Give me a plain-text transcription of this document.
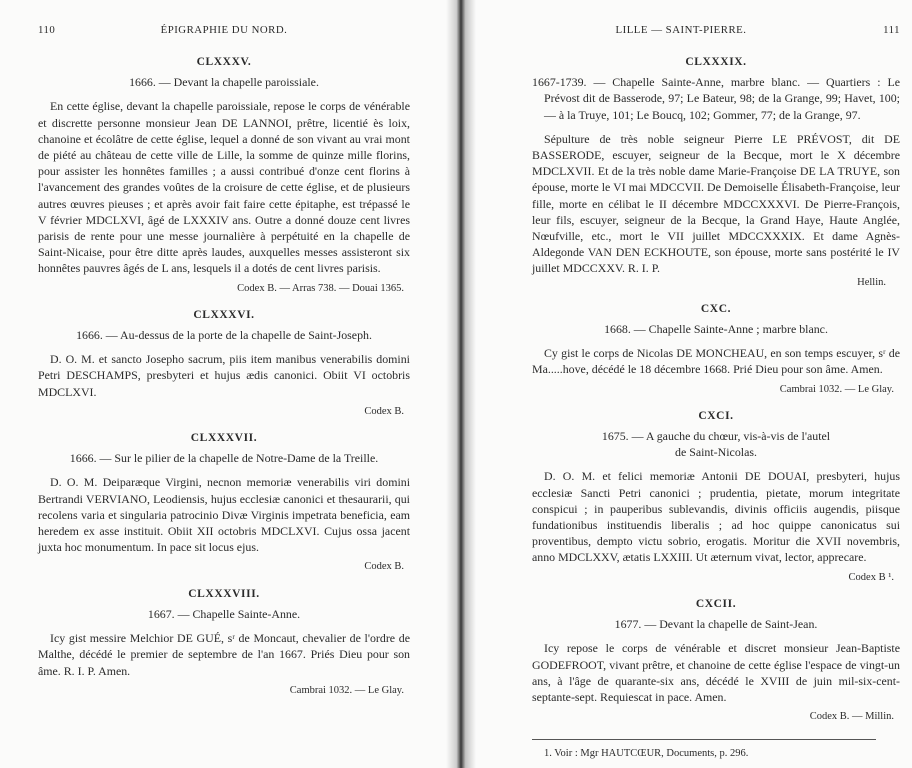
110	ÉPIGRAPHIE DU NORD.
CLXXXV.
1666. — Devant la chapelle paroissiale.
En cette église, devant la chapelle paroissiale, repose le corps de vénérable et discrette personne monsieur Jean DE LANNOI, prêtre, licentié ès loix, chanoine et écolâtre de cette église, lequel a donné de son vivant au vrai mont de piété au château de cette ville de Lille, la somme de quinze mille florins, pour assister les honnêtes familles ; a aussi contribué d'onze cent florins à l'avancement des grandes voûtes de la croisure de cette église, et de plusieurs autres œuvres pieuses ; et après avoir fait faire cette épitaphe, est trépassé le V février MDCLXVI, âgé de LXXXIV ans. Outre a donné douze cent livres parisis de rente pour une messe journalière à perpétuité en la chapelle de Saint-Nicaise, pour être ditte après laudes, auxquelles messes assisteront six honnêtes pauvres âgés de L ans, lesquels il a dotés de cent livres parisis.
Codex B. — Arras 738. — Douai 1365.
CLXXXVI.
1666. — Au-dessus de la porte de la chapelle de Saint-Joseph.
D. O. M. et sancto Josepho sacrum, piis item manibus venerabilis domini Petri DESCHAMPS, presbyteri et hujus ædis canonici. Obiit VI octobris MDCLXVI.
Codex B.
CLXXXVII.
1666. — Sur le pilier de la chapelle de Notre-Dame de la Treille.
D. O. M. Deiparæque Virgini, necnon memoriæ venerabilis viri domini Bertrandi VERVIANO, Leodiensis, hujus ecclesiæ canonici et thesaurarii, qui recolens varia et singularia patrocinio Divæ Virginis impetrata beneficia, eam heredem ex asse instituit. Obiit XII octobris MDCLXVI. Cujus ossa jacent juxta hoc monumentum. In pace sit locus ejus.
Codex B.
CLXXXVIII.
1667. — Chapelle Sainte-Anne.
Icy gist messire Melchior DE GUÉ, sʳ de Moncaut, chevalier de l'ordre de Malthe, décédé le premier de septembre de l'an 1667. Priés Dieu pour son âme. R. I. P. Amen.
Cambrai 1032. — Le Glay.
LILLE — SAINT-PIERRE.	111
CLXXXIX.
1667-1739. — Chapelle Sainte-Anne, marbre blanc. — Quartiers : Le Prévost dit de Basserode, 97; Le Bateur, 98; de la Grange, 99; Havet, 100; — à la Truye, 101; Le Boucq, 102; Gommer, 77; de la Grange, 97.
Sépulture de très noble seigneur Pierre LE PRÉVOST, dit DE BASSERODE, escuyer, seigneur de la Becque, mort le X décembre MDCLXVII. Et de la très noble dame Marie-Françoise DE LA TRUYE, son épouse, morte le VI mai MDCCVII. De Demoiselle Élisabeth-Françoise, leur fille, morte en célibat le II décembre MDCCXXXVI. De Pierre-François, leur fils, escuyer, seigneur de la Becque, la Grand Haye, Haute Anglée, Nœufville, etc., mort le VII juillet MDCCXXXIX. Et dame Agnès-Aldegonde VAN DEN ECKHOUTE, son épouse, morte sans postérité le IV juillet MDCCXXV. R. I. P.
Hellin.
CXC.
1668. — Chapelle Sainte-Anne ; marbre blanc.
Cy gist le corps de Nicolas DE MONCHEAU, en son temps escuyer, sʳ de Ma.....hove, décédé le 18 décembre 1668. Prié Dieu pour son âme. Amen.
Cambrai 1032. — Le Glay.
CXCI.
1675. — A gauche du chœur, vis-à-vis de l'autel
de Saint-Nicolas.
D. O. M. et felici memoriæ Antonii DE DOUAI, presbyteri, hujus ecclesiæ Sancti Petri canonici ; prudentia, pietate, morum integritate conspicui ; in pauperibus sublevandis, divinis officiis augendis, piisque fundationibus instituendis liberalis ; ad hoc quippe canonicatus sui proventibus, dempto victu sobrio, erogatis. Moritur die XVII novembris, anno MDCLXXV, ætatis LXXIII. Ut æternum vivat, lector, apprecare.
Codex B ¹.
CXCII.
1677. — Devant la chapelle de Saint-Jean.
Icy repose le corps de vénérable et discret monsieur Jean-Baptiste GODEFROOT, vivant prêtre, et chanoine de cette église l'espace de vingt-un ans, à l'âge de quarante-six ans, décédé le XVIII de juin mil-six-cent-septante-sept. Requiescat in pace. Amen.
Codex B. — Millin.
1. Voir : Mgr HAUTCŒUR, Documents, p. 296.
